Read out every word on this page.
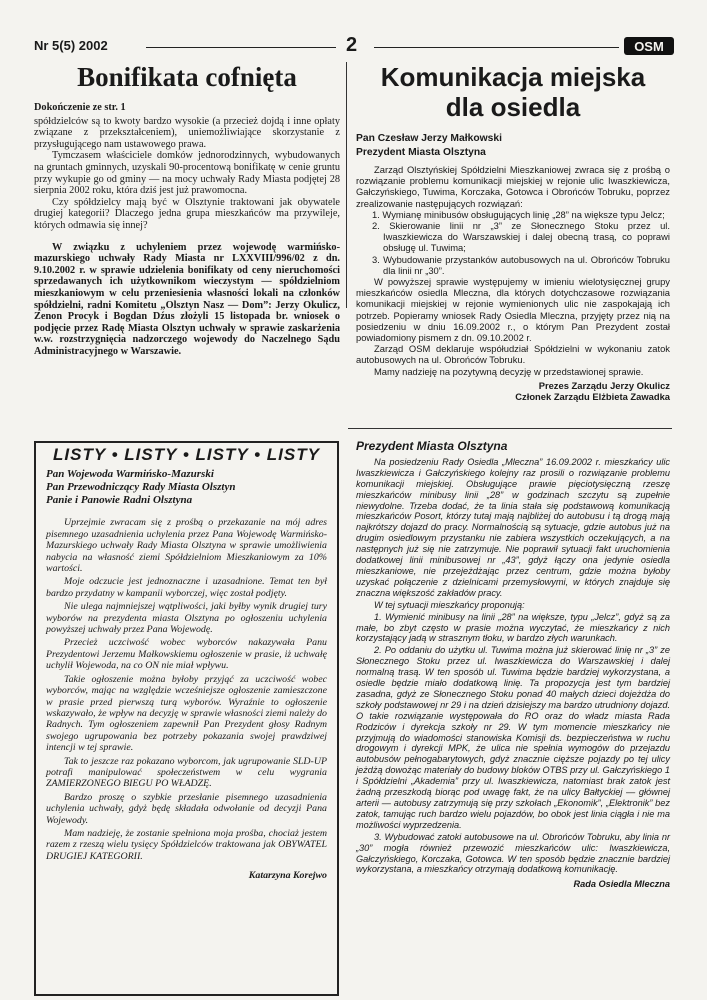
Nr 5(5) 2002	2	OSM
Bonifikata cofnięta
Dokończenie ze str. 1

spółdzielców są to kwoty bardzo wysokie (a przecież dojdą i inne opłaty związane z przekształceniem), uniemożliwiające skorzystanie z przysługującego nam ustawowego prawa.

Tymczasem właściciele domków jednorodzinnych, wybudowanych na gruntach gminnych, uzyskali 90-procentową bonifikatę w cenie gruntu przy wykupie go od gminy — na mocy uchwały Rady Miasta podjętej 28 sierpnia 2002 roku, która dziś jest już prawomocna.

Czy spółdzielcy mają być w Olsztynie traktowani jak obywatele drugiej kategorii? Dlaczego jedna grupa mieszkańców ma przywileje, których odmawia się innej?

W związku z uchyleniem przez wojewodę warmińsko-mazurskiego uchwały Rady Miasta nr LXXVIII/996/02 z dn. 9.10.2002 r. w sprawie udzielenia bonifikaty od ceny nieruchomości sprzedawanych ich użytkownikom wieczystym — spółdzielniom mieszkaniowym w celu przeniesienia własności lokali na członków spółdzielni, radni Komitetu „Olsztyn Nasz — Dom”: Jerzy Okulicz, Zenon Procyk i Bogdan Dźus złożyli 15 listopada br. wniosek o podjęcie przez Radę Miasta Olsztyn uchwały w sprawie zaskarżenia w.w. rozstrzygnięcia nadzorczego wojewody do Naczelnego Sądu Administracyjnego w Warszawie.

LISTY • LISTY • LISTY • LISTY
Pan Wojewoda Warmińsko-Mazurski
Pan Przewodniczący Rady Miasta Olsztyn
Panie i Panowie Radni Olsztyna

Uprzejmie zwracam się z prośbą o przekazanie na mój adres pisemnego uzasadnienia uchylenia przez Pana Wojewodę Warmińsko-Mazurskiego uchwały Rady Miasta Olsztyna w sprawie umożliwienia nabycia na własność ziemi Spółdzielniom Mieszkaniowym za 10% wartości.

Moje odczucie jest jednoznaczne i uzasadnione. Temat ten był bardzo przydatny w kampanii wyborczej, więc został podjęty.

Nie ulega najmniejszej wątpliwości, jaki byłby wynik drugiej tury wyborów na prezydenta miasta Olsztyna po ogłoszeniu uchylenia powyższej uchwały przez Pana Wojewodę.

Przecież uczciwość wobec wyborców nakazywała Panu Prezydentowi Jerzemu Małkowskiemu ogłoszenie w prasie, iż uchwałę uchylił Wojewoda, na co ON nie miał wpływu.

Takie ogłoszenie można byłoby przyjąć za uczciwość wobec wyborców, mając na względzie wcześniejsze ogłoszenie zamieszczone w prasie przed pierwszą turą wyborów. Wyraźnie to ogłoszenie wskazywało, że wpływ na decyzję w sprawie własności ziemi należy do Radnych. Tym ogłoszeniem zapewnił Pan Prezydent głosy Radnym swojego ugrupowania bez potrzeby pokazania swojej prawdziwej intencji w tej sprawie.

Tak to jeszcze raz pokazano wyborcom, jak ugrupowanie SLD-UP potrafi manipulować społeczeństwem w celu wygrania ZAMIERZONEGO BIEGU PO WŁADZĘ.

Bardzo proszę o szybkie przesłanie pisemnego uzasadnienia uchylenia uchwały, gdyż będę składała odwołanie od decyzji Pana Wojewody.

Mam nadzieję, że zostanie spełniona moja prośba, chociaż jestem razem z rzeszą wielu tysięcy Spółdzielców traktowana jak OBYWATEL DRUGIEJ KATEGORII.

Katarzyna Korejwo
Komunikacja miejska
dla osiedla
Pan Czesław Jerzy Małkowski
Prezydent Miasta Olsztyna

Zarząd Olsztyńskiej Spółdzielni Mieszkaniowej zwraca się z prośbą o rozwiązanie problemu komunikacji miejskiej w rejonie ulic Iwaszkiewicza, Gałczyńskiego, Tuwima, Korczaka, Gotowca i Obrońców Tobruku, poprzez zrealizowanie następujących rozwiązań:

1. Wymianę minibusów obsługujących linię „28” na większe typu Jelcz;
2. Skierowanie linii nr „3” ze Słonecznego Stoku przez ul. Iwaszkiewicza do Warszawskiej i dalej obecną trasą, co poprawi obsługę ul. Tuwima;
3. Wybudowanie przystanków autobusowych na ul. Obrońców Tobruku dla linii nr „30”.

W powyższej sprawie występujemy w imieniu wielotysięcznej grupy mieszkańców osiedla Mleczna, dla których dotychczasowe rozwiązania komunikacji miejskiej w rejonie wymienionych ulic nie zaspokajają ich potrzeb. Popieramy wniosek Rady Osiedla Mleczna, przyjęty przez nią na posiedzeniu w dniu 16.09.2002 r., o którym Pan Prezydent został powiadomiony pismem z dn. 09.10.2002 r.

Zarząd OSM deklaruje współudział Spółdzielni w wykonaniu zatok autobusowych na ul. Obrońców Tobruku.

Mamy nadzieję na pozytywną decyzję w przedstawionej sprawie.

Prezes Zarządu Jerzy Okulicz
Członek Zarządu Elżbieta Zawadka
Prezydent Miasta Olsztyna

Na posiedzeniu Rady Osiedla „Mleczna” 16.09.2002 r. mieszkańcy ulic Iwaszkiewicza i Gałczyńskiego kolejny raz prosili o rozwiązanie problemu komunikacji miejskiej. Obsługujące prawie pięciotysięczną rzeszę mieszkańców minibusy linii „28” w godzinach szczytu są zupełnie niewydolne. Trzeba dodać, że ta linia stała się podstawową komunikacją mieszkańców Posort, którzy tutaj mają najbliżej do autobusu i tą drogą mają najkrótszy dojazd do pracy. Normalnością są sytuacje, gdzie autobus już na drugim osiedlowym przystanku nie zabiera wszystkich oczekujących, a na następnych już się nie zatrzymuje. Nie poprawił sytuacji fakt uruchomienia dodatkowej linii minibusowej nr „43”, gdyż łączy ona jedynie osiedla mieszkaniowe, nie przejeżdżając przez centrum, gdzie można byłoby uzyskać połączenie z dzielnicami przemysłowymi, w których znajduje się znaczna większość zakładów pracy.

W tej sytuacji mieszkańcy proponują:

1. Wymienić minibusy na linii „28” na większe, typu „Jelcz”, gdyż są za małe, bo zbyt często w prasie można wyczytać, że mieszkańcy z nich korzystający jadą w strasznym tłoku, w bardzo złych warunkach.

2. Po oddaniu do użytku ul. Tuwima można już skierować linię nr „3” ze Słonecznego Stoku przez ul. Iwaszkiewicza do Warszawskiej i dalej normalną trasą. W ten sposób ul. Tuwima będzie bardziej wykorzystana, a osiedle będzie miało dodatkową linię. Ta propozycja jest tym bardziej zasadna, gdyż ze Słonecznego Stoku ponad 40 małych dzieci dojeżdża do szkoły podstawowej nr 29 i na dzień dzisiejszy ma bardzo utrudniony dojazd. O takie rozwiązanie występowała do RO oraz do władz miasta Rada Rodziców i dyrekcja szkoły nr 29. W tym momencie mieszkańcy nie przyjmują do wiadomości stanowiska Komisji ds. bezpieczeństwa w ruchu drogowym i dyrekcji MPK, że ulica nie spełnia wymogów do przejazdu autobusów pełnogabarytowych, gdyż znacznie cięższe pojazdy po tej ulicy jeżdżą dowożąc materiały do budowy bloków OTBS przy ul. Gałczyńskiego 1 i Spółdzielni „Akademia” przy ul. Iwaszkiewicza, natomiast brak zatok jest żadną przeszkodą biorąc pod uwagę fakt, że na ulicy Bałtyckiej — głównej arterii — autobusy zatrzymują się przy szkołach „Ekonomik”, „Elektronik” bez zatok, tamując ruch bardzo wielu pojazdów, bo obok jest linia ciągła i nie ma możliwości wyprzedzenia.

3. Wybudować zatoki autobusowe na ul. Obrońców Tobruku, aby linia nr „30” mogła również przewozić mieszkańców ulic: Iwaszkiewicza, Gałczyńskiego, Korczaka, Gotowca. W ten sposób będzie znacznie bardziej wykorzystana, a mieszkańcy otrzymają dodatkową komunikację.

Rada Osiedla Mleczna
